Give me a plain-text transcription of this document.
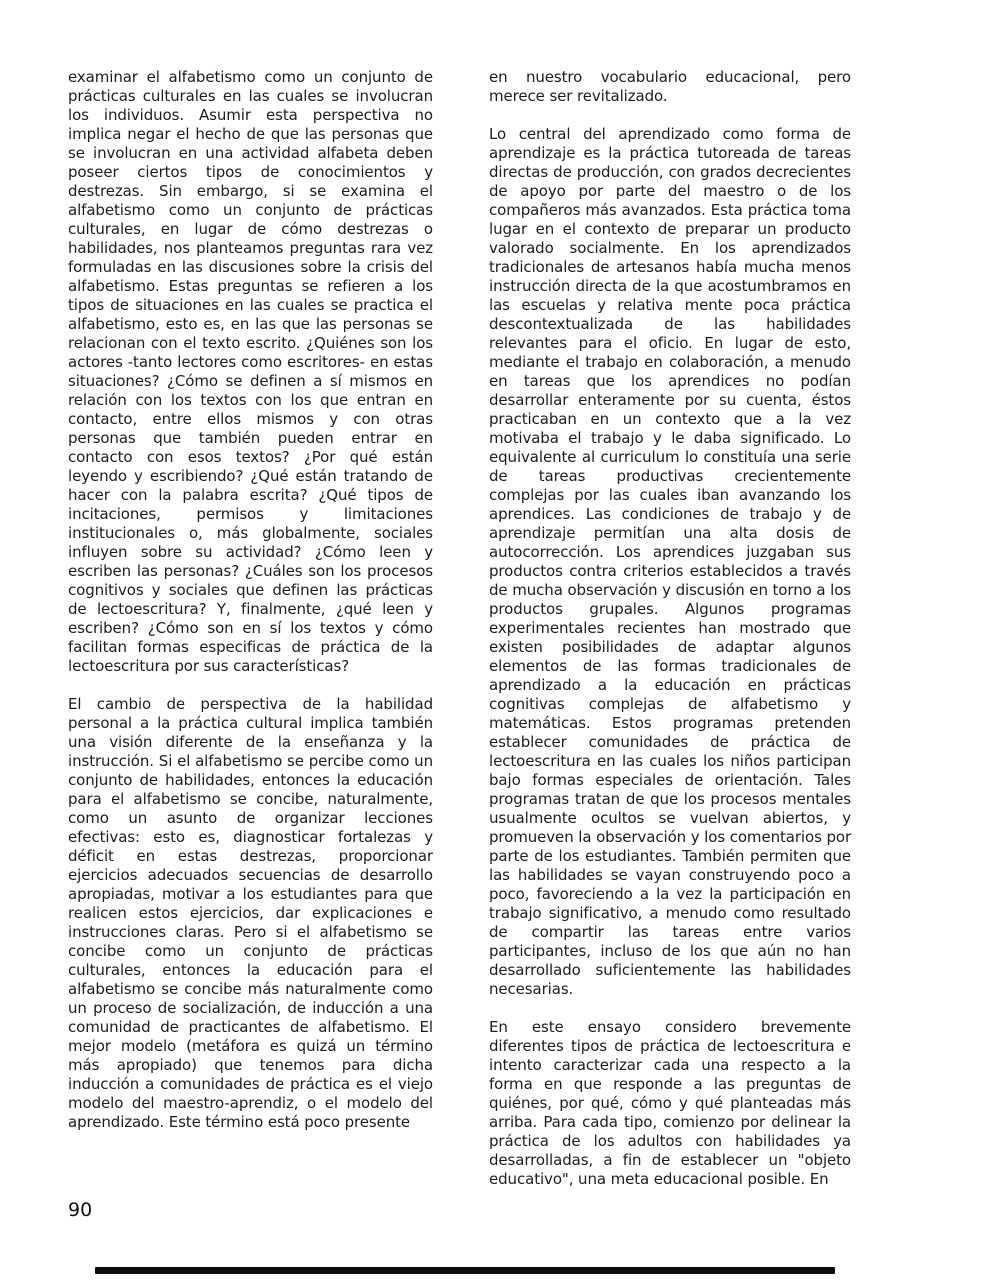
examinar el alfabetismo como un conjunto de prácticas culturales en las cuales se involucran los individuos. Asumir esta perspectiva no implica negar el hecho de que las personas que se involucran en una actividad alfabeta deben poseer ciertos tipos de conocimientos y destrezas. Sin embargo, si se examina el alfabetismo como un conjunto de prácticas culturales, en lugar de cómo destrezas o habilidades, nos planteamos preguntas rara vez formuladas en las discusiones sobre la crisis del alfabetismo. Estas preguntas se refieren a los tipos de situaciones en las cuales se practica el alfabetismo, esto es, en las que las personas se relacionan con el texto escrito. ¿Quiénes son los actores -tanto lectores como escritores- en estas situaciones? ¿Cómo se definen a sí mismos en relación con los textos con los que entran en contacto, entre ellos mismos y con otras personas que también pueden entrar en contacto con esos textos? ¿Por qué están leyendo y escribiendo? ¿Qué están tratando de hacer con la palabra escrita? ¿Qué tipos de incitaciones, permisos y limitaciones institucionales o, más globalmente, sociales influyen sobre su actividad? ¿Cómo leen y escriben las personas? ¿Cuáles son los procesos cognitivos y sociales que definen las prácticas de lectoescritura? Y, finalmente, ¿qué leen y escriben? ¿Cómo son en sí los textos y cómo facilitan formas especificas de práctica de la lectoescritura por sus características?

El cambio de perspectiva de la habilidad personal a la práctica cultural implica también una visión diferente de la enseñanza y la instrucción. Si el alfabetismo se percibe como un conjunto de habilidades, entonces la educación para el alfabetismo se concibe, naturalmente, como un asunto de organizar lecciones efectivas: esto es, diagnosticar fortalezas y déficit en estas destrezas, proporcionar ejercicios adecuados secuencias de desarrollo apropiadas, motivar a los estudiantes para que realicen estos ejercicios, dar explicaciones e instrucciones claras. Pero si el alfabetismo se concibe como un conjunto de prácticas culturales, entonces la educación para el alfabetismo se concibe más naturalmente como un proceso de socialización, de inducción a una comunidad de practicantes de alfabetismo. El mejor modelo (metáfora es quizá un término más apropiado) que tenemos para dicha inducción a comunidades de práctica es el viejo modelo del maestro-aprendiz, o el modelo del aprendizado. Este término está poco presente

en nuestro vocabulario educacional, pero merece ser revitalizado.

Lo central del aprendizado como forma de aprendizaje es la práctica tutoreada de tareas directas de producción, con grados decrecientes de apoyo por parte del maestro o de los compañeros más avanzados. Esta práctica toma lugar en el contexto de preparar un producto valorado socialmente. En los aprendizados tradicionales de artesanos había mucha menos instrucción directa de la que acostumbramos en las escuelas y relativa mente poca práctica descontextualizada de las habilidades relevantes para el oficio. En lugar de esto, mediante el trabajo en colaboración, a menudo en tareas que los aprendices no podían desarrollar enteramente por su cuenta, éstos practicaban en un contexto que a la vez motivaba el trabajo y le daba significado. Lo equivalente al curriculum lo constituía una serie de tareas productivas crecientemente complejas por las cuales iban avanzando los aprendices. Las condiciones de trabajo y de aprendizaje permitían una alta dosis de autocorrección. Los aprendices juzgaban sus productos contra criterios establecidos a través de mucha observación y discusión en torno a los productos grupales. Algunos programas experimentales recientes han mostrado que existen posibilidades de adaptar algunos elementos de las formas tradicionales de aprendizado a la educación en prácticas cognitivas complejas de alfabetismo y matemáticas. Estos programas pretenden establecer comunidades de práctica de lectoescritura en las cuales los niños participan bajo formas especiales de orientación. Tales programas tratan de que los procesos mentales usualmente ocultos se vuelvan abiertos, y promueven la observación y los comentarios por parte de los estudiantes. También permiten que las habilidades se vayan construyendo poco a poco, favoreciendo a la vez la participación en trabajo significativo, a menudo como resultado de compartir las tareas entre varios participantes, incluso de los que aún no han desarrollado suficientemente las habilidades necesarias.

En este ensayo considero brevemente diferentes tipos de práctica de lectoescritura e intento caracterizar cada una respecto a la forma en que responde a las preguntas de quiénes, por qué, cómo y qué planteadas más arriba. Para cada tipo, comienzo por delinear la práctica de los adultos con habilidades ya desarrolladas, a fin de establecer un "objeto educativo", una meta educacional posible. En

90
